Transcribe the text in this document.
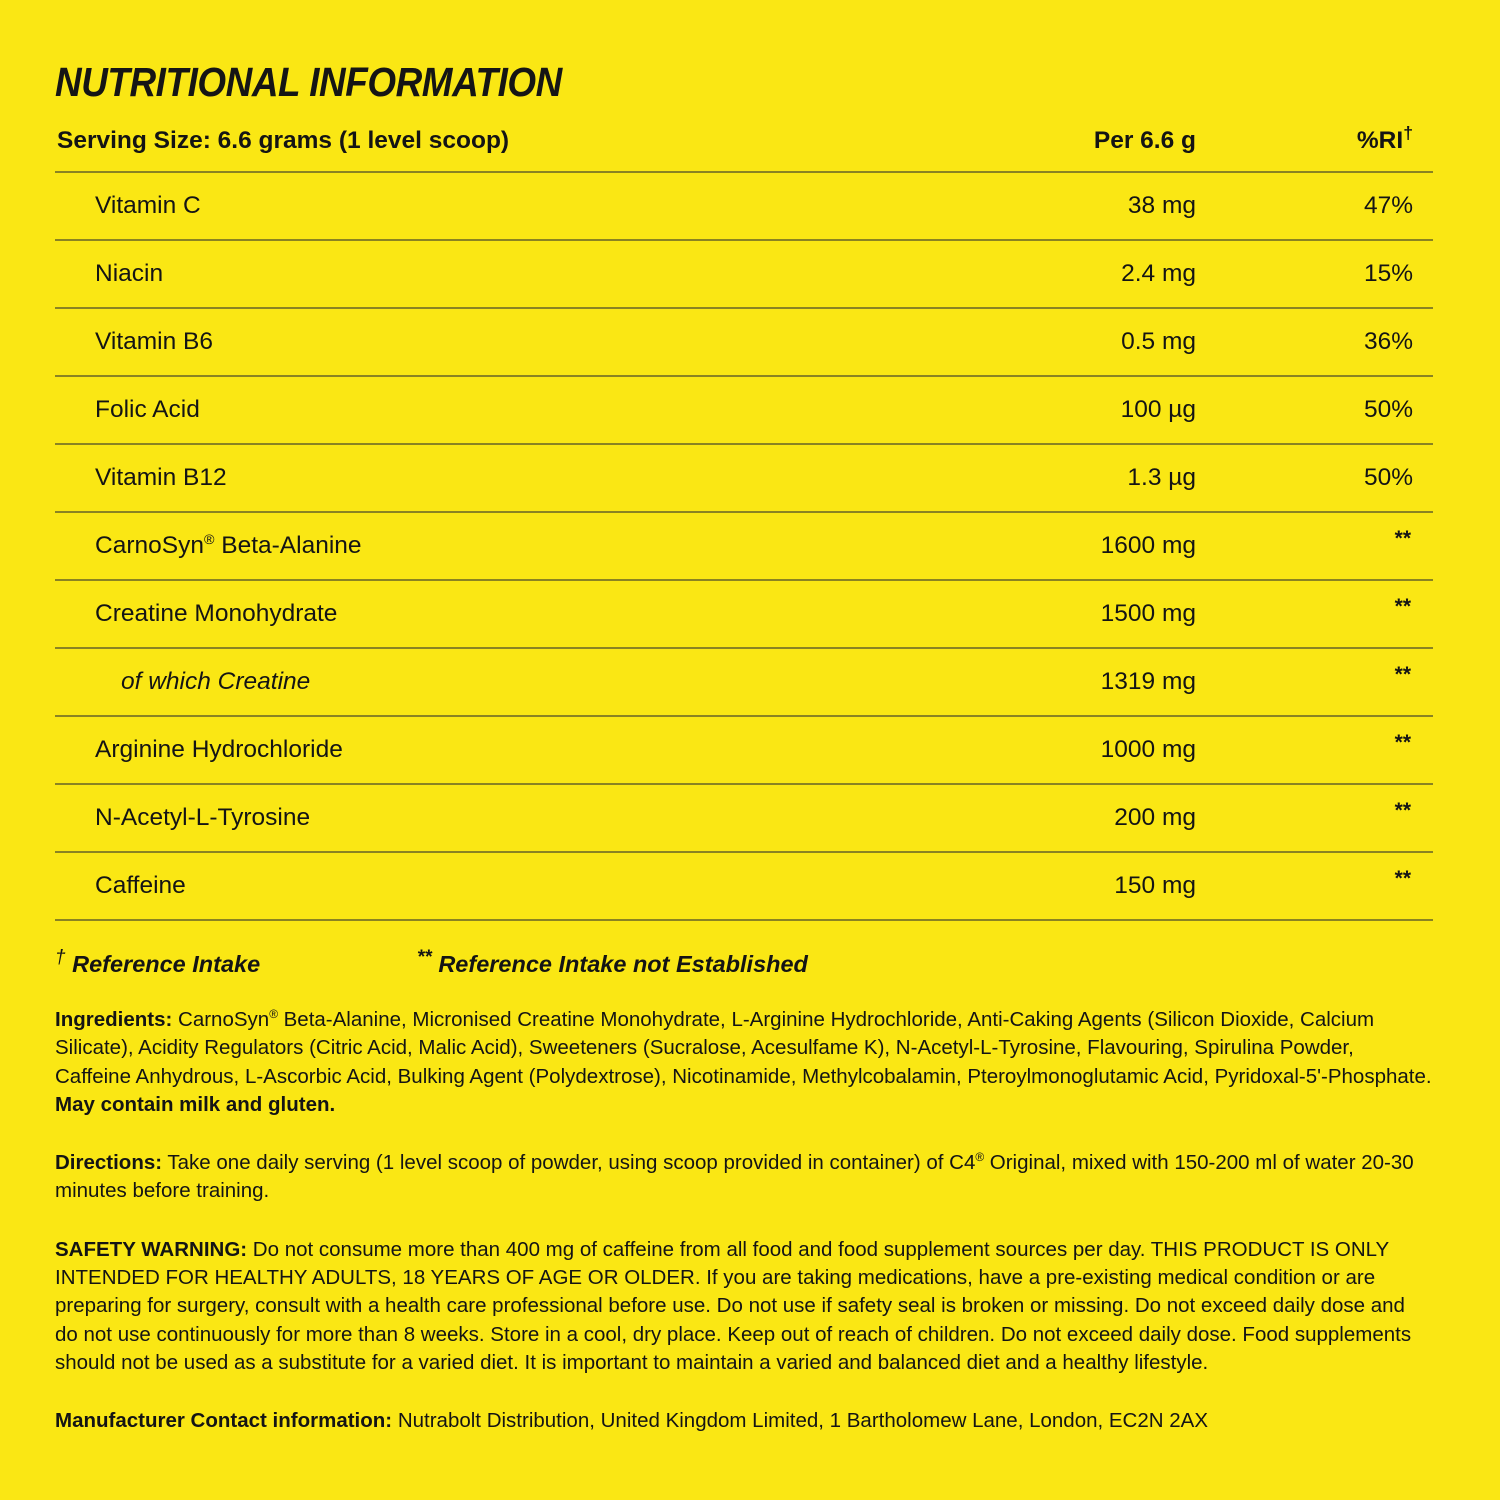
NUTRITIONAL INFORMATION
Serving Size: 6.6 grams (1 level scoop)	Per 6.6 g	%RI†
Vitamin C	38 mg	47%
Niacin	2.4 mg	15%
Vitamin B6	0.5 mg	36%
Folic Acid	100 µg	50%
Vitamin B12	1.3 µg	50%
CarnoSyn® Beta-Alanine	1600 mg	**
Creatine Monohydrate	1500 mg	**
of which Creatine	1319 mg	**
Arginine Hydrochloride	1000 mg	**
N-Acetyl-L-Tyrosine	200 mg	**
Caffeine	150 mg	**
† Reference Intake	** Reference Intake not Established

Ingredients: CarnoSyn® Beta-Alanine, Micronised Creatine Monohydrate, L-Arginine Hydrochloride, Anti-Caking Agents (Silicon Dioxide, Calcium Silicate), Acidity Regulators (Citric Acid, Malic Acid), Sweeteners (Sucralose, Acesulfame K), N-Acetyl-L-Tyrosine, Flavouring, Spirulina Powder, Caffeine Anhydrous, L-Ascorbic Acid, Bulking Agent (Polydextrose), Nicotinamide, Methylcobalamin, Pteroylmonoglutamic Acid, Pyridoxal-5'-Phosphate. May contain milk and gluten.

Directions: Take one daily serving (1 level scoop of powder, using scoop provided in container) of C4® Original, mixed with 150-200 ml of water 20-30 minutes before training.

SAFETY WARNING: Do not consume more than 400 mg of caffeine from all food and food supplement sources per day. THIS PRODUCT IS ONLY INTENDED FOR HEALTHY ADULTS, 18 YEARS OF AGE OR OLDER. If you are taking medications, have a pre-existing medical condition or are preparing for surgery, consult with a health care professional before use. Do not use if safety seal is broken or missing. Do not exceed daily dose and do not use continuously for more than 8 weeks. Store in a cool, dry place. Keep out of reach of children. Do not exceed daily dose. Food supplements should not be used as a substitute for a varied diet. It is important to maintain a varied and balanced diet and a healthy lifestyle.

Manufacturer Contact information: Nutrabolt Distribution, United Kingdom Limited, 1 Bartholomew Lane, London, EC2N 2AX
